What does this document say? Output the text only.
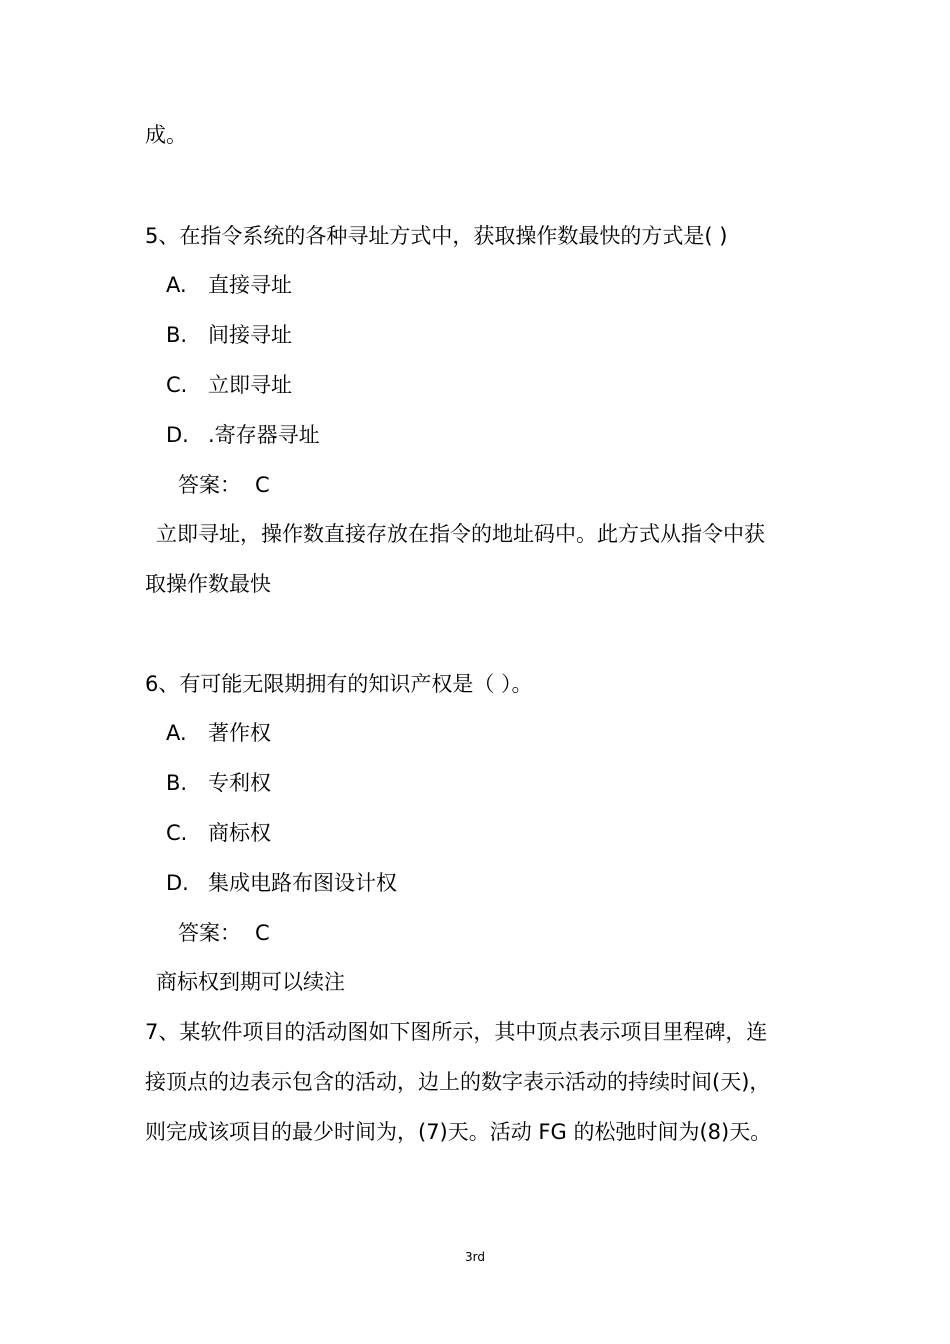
成。
5、在指令系统的各种寻址方式中，获取操作数最快的方式是( )
A. 直接寻址
B. 间接寻址
C. 立即寻址
D. .寄存器寻址
答案： C
立即寻址，操作数直接存放在指令的地址码中。此方式从指令中获
取操作数最快
6、有可能无限期拥有的知识产权是（ ）。
A. 著作权
B. 专利权
C. 商标权
D. 集成电路布图设计权
答案： C
商标权到期可以续注
7、某软件项目的活动图如下图所示，其中顶点表示项目里程碑，连
接顶点的边表示包含的活动，边上的数字表示活动的持续时间(天)，
则完成该项目的最少时间为，(7)天。活动 FG 的松弛时间为(8)天。
3rd
